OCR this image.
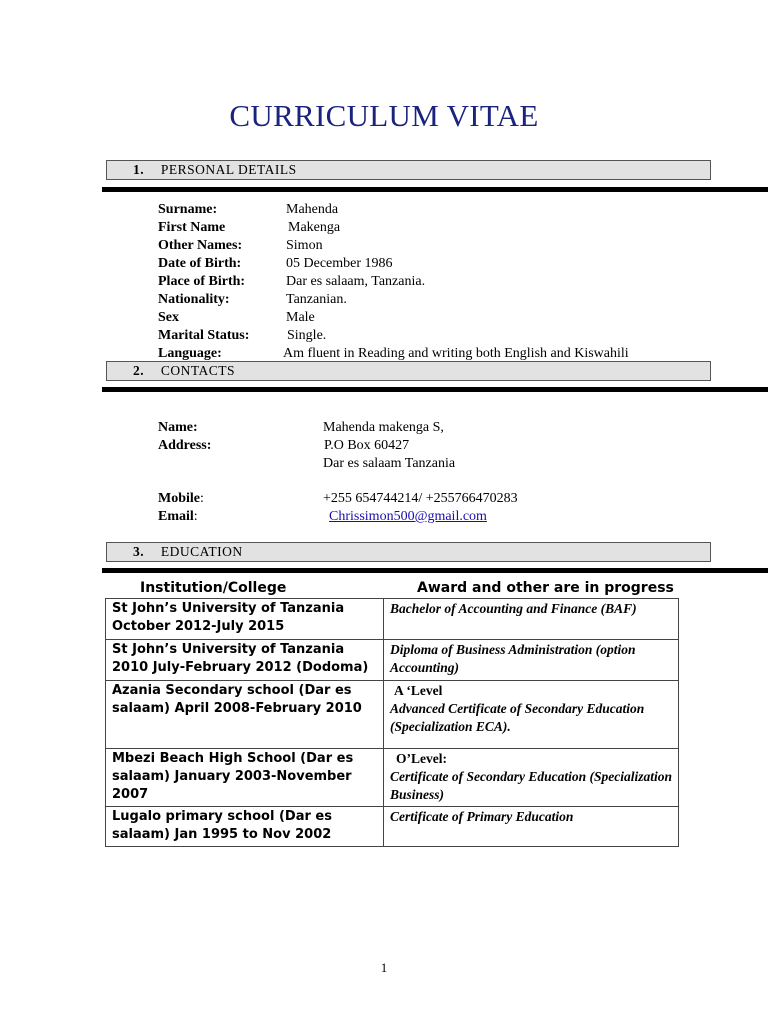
CURRICULUM VITAE
1. PERSONAL DETAILS
Surname:	Mahenda
First Name	Makenga
Other Names:	Simon
Date of Birth:	05 December 1986
Place of Birth:	Dar es salaam, Tanzania.
Nationality:	Tanzanian.
Sex	Male
Marital Status:	Single.
Language:	Am fluent in Reading and writing both English and Kiswahili
2. CONTACTS
Name:	Mahenda makenga S,
Address:	P.O Box 60427
Dar es salaam Tanzania
Mobile:	+255 654744214/ +255766470283
Email:	Chrissimon500@gmail.com
3. EDUCATION
Institution/College	Award and other are in progress
St John’s University of Tanzania October 2012-July 2015	Bachelor of Accounting and Finance (BAF)
St John’s University of Tanzania 2010 July-February 2012 (Dodoma)	Diploma of Business Administration (option Accounting)
Azania Secondary school (Dar es salaam) April 2008-February 2010	A ‘Level
Advanced Certificate of Secondary Education (Specialization ECA).
Mbezi Beach High School (Dar es salaam) January 2003-November 2007	O’Level:
Certificate of Secondary Education (Specialization Business)
Lugalo primary school (Dar es salaam) Jan 1995 to Nov 2002	Certificate of Primary Education
1
